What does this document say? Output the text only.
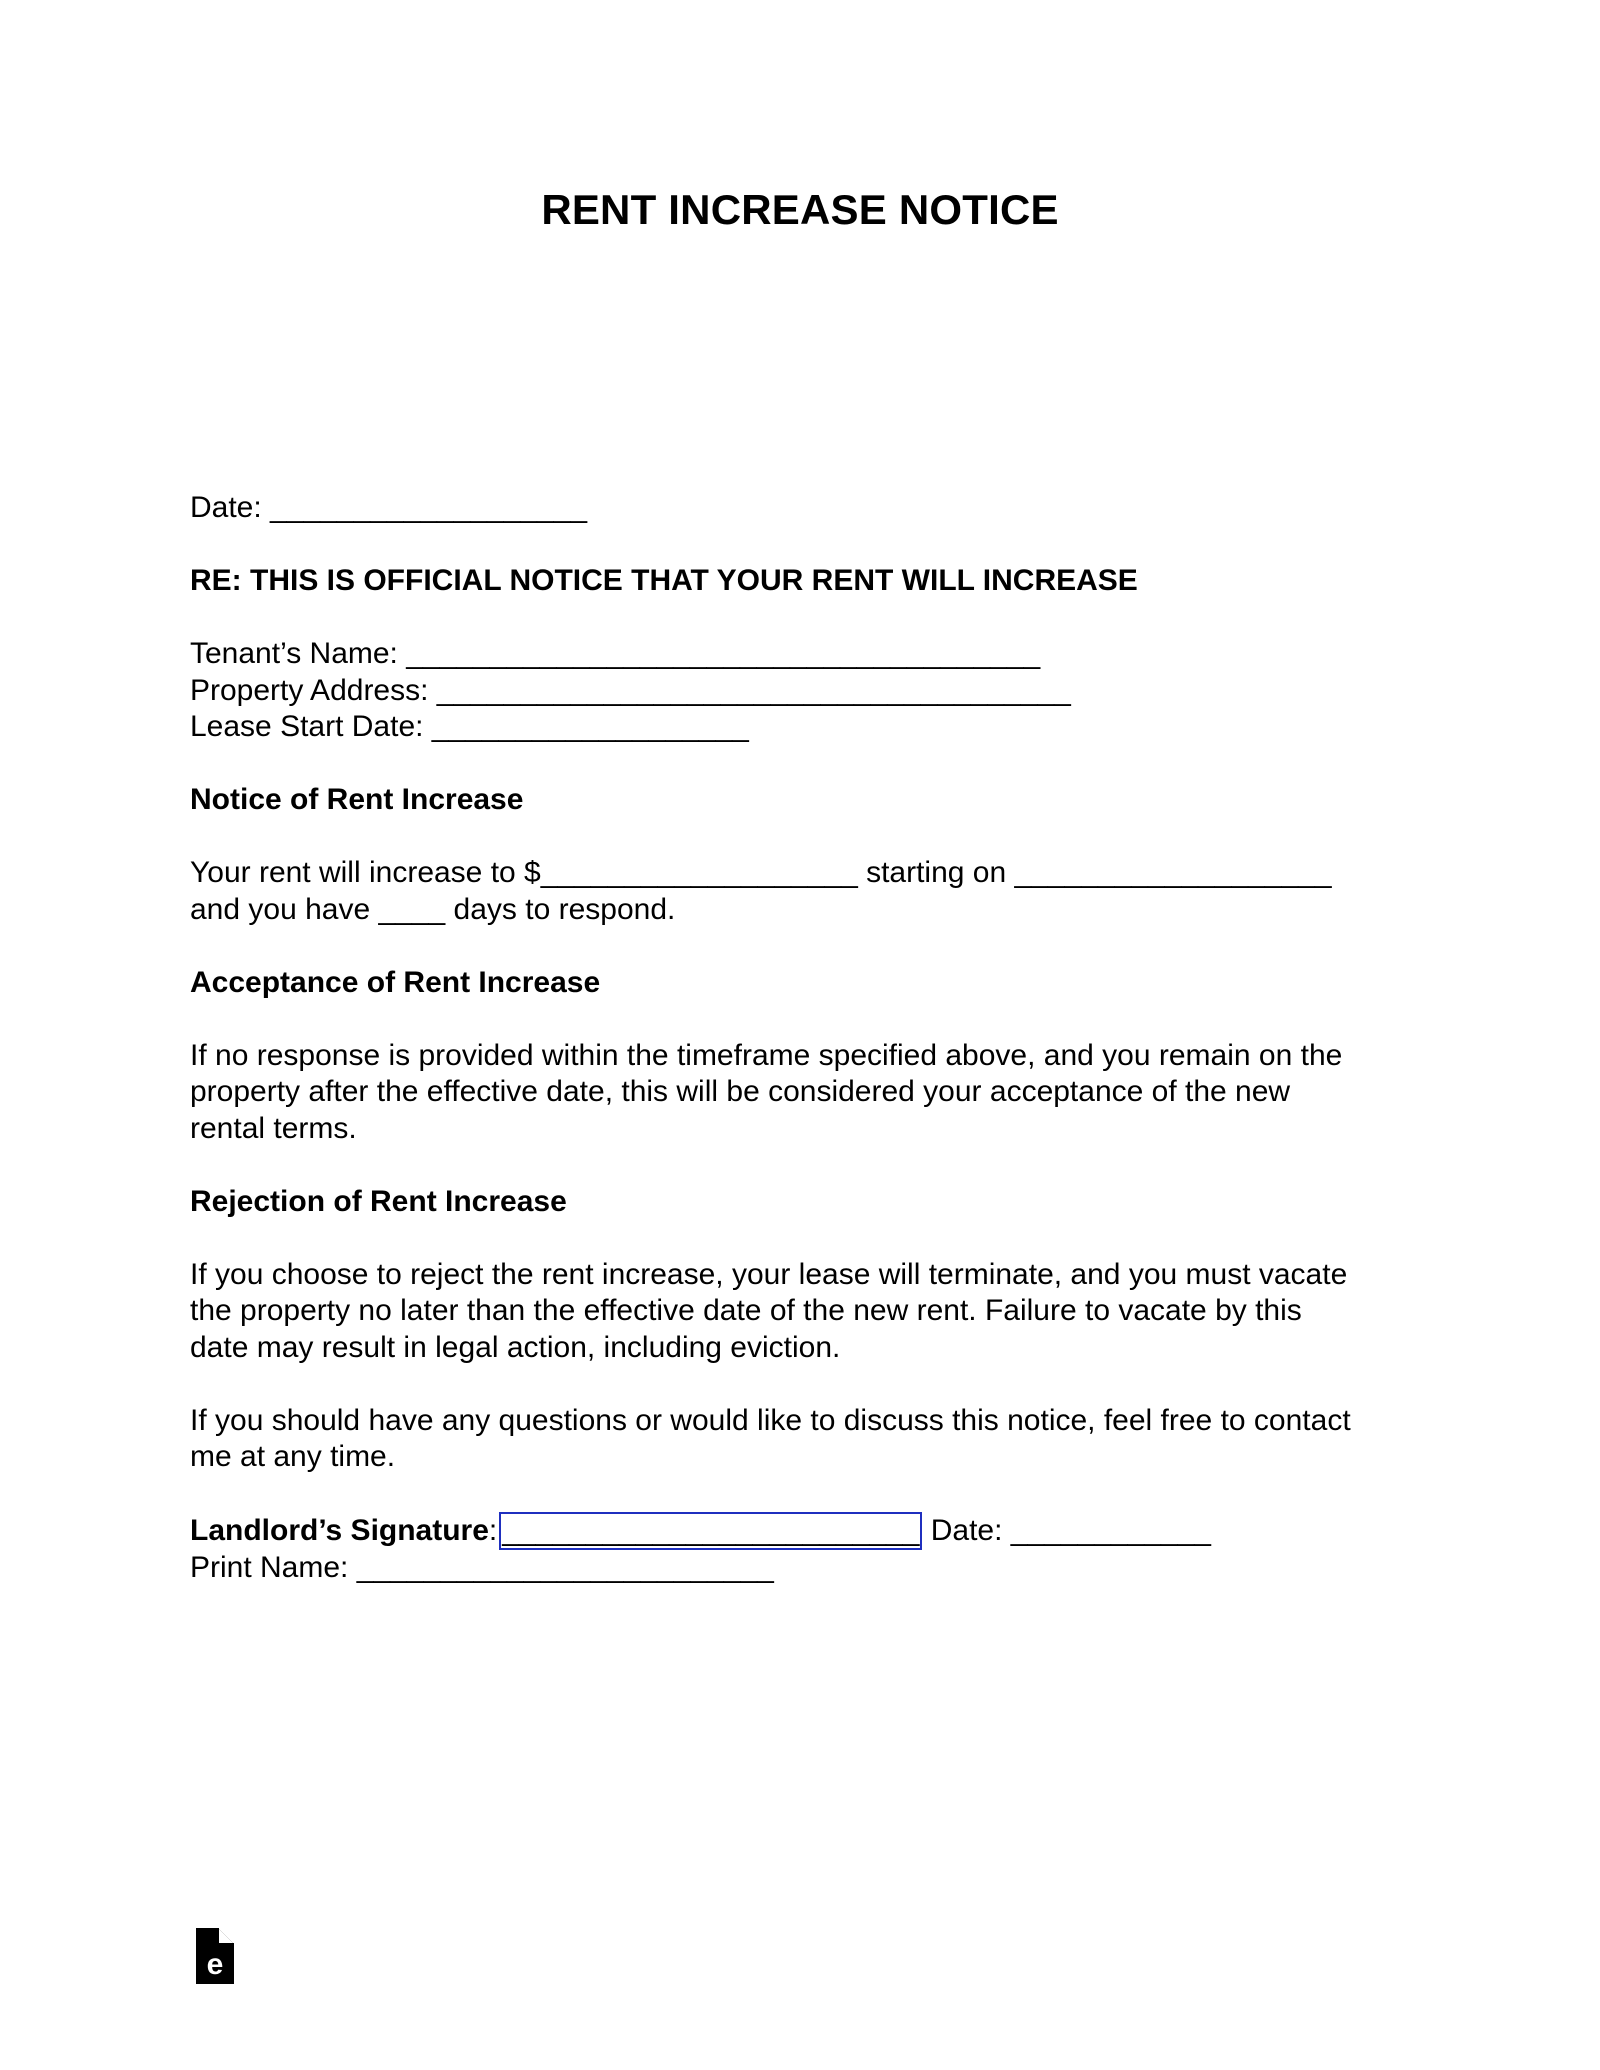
RENT INCREASE NOTICE
Date: ___________________
RE: THIS IS OFFICIAL NOTICE THAT YOUR RENT WILL INCREASE
Tenant’s Name: ______________________________________
Property Address: ______________________________________
Lease Start Date: ___________________
Notice of Rent Increase
Your rent will increase to $___________________ starting on ___________________
and you have ____ days to respond.
Acceptance of Rent Increase
If no response is provided within the timeframe specified above, and you remain on the
property after the effective date, this will be considered your acceptance of the new
rental terms.
Rejection of Rent Increase
If you choose to reject the rent increase, your lease will terminate, and you must vacate
the property no later than the effective date of the new rent. Failure to vacate by this
date may result in legal action, including eviction.
If you should have any questions or would like to discuss this notice, feel free to contact
me at any time.
Landlord’s Signature: _________________________ Date: ____________
Print Name: _________________________
e
